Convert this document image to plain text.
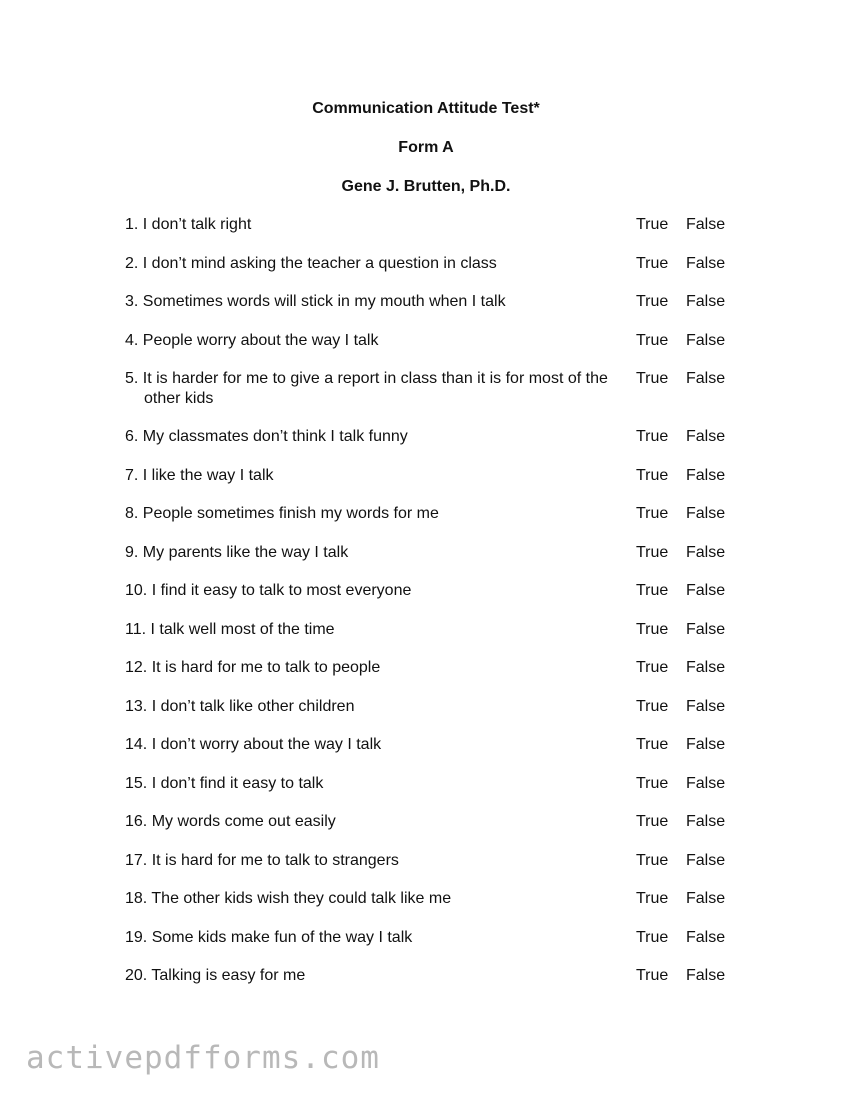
Communication Attitude Test*
Form A
Gene J. Brutten, Ph.D.
1. I don’t talk right	True False
2. I don’t mind asking the teacher a question in class	True False
3. Sometimes words will stick in my mouth when I talk	True False
4. People worry about the way I talk	True False
5. It is harder for me to give a report in class than it is for most of the other kids
True False
6. My classmates don’t think I talk funny	True False
7. I like the way I talk	True False
8. People sometimes finish my words for me	True False
9. My parents like the way I talk	True False
10. I find it easy to talk to most everyone	True False
11. I talk well most of the time	True False
12. It is hard for me to talk to people	True False
13. I don’t talk like other children	True False
14. I don’t worry about the way I talk	True False
15. I don’t find it easy to talk	True False
16. My words come out easily	True False
17. It is hard for me to talk to strangers	True False
18. The other kids wish they could talk like me	True False
19. Some kids make fun of the way I talk	True False
20. Talking is easy for me	True False
activepdfforms.com
